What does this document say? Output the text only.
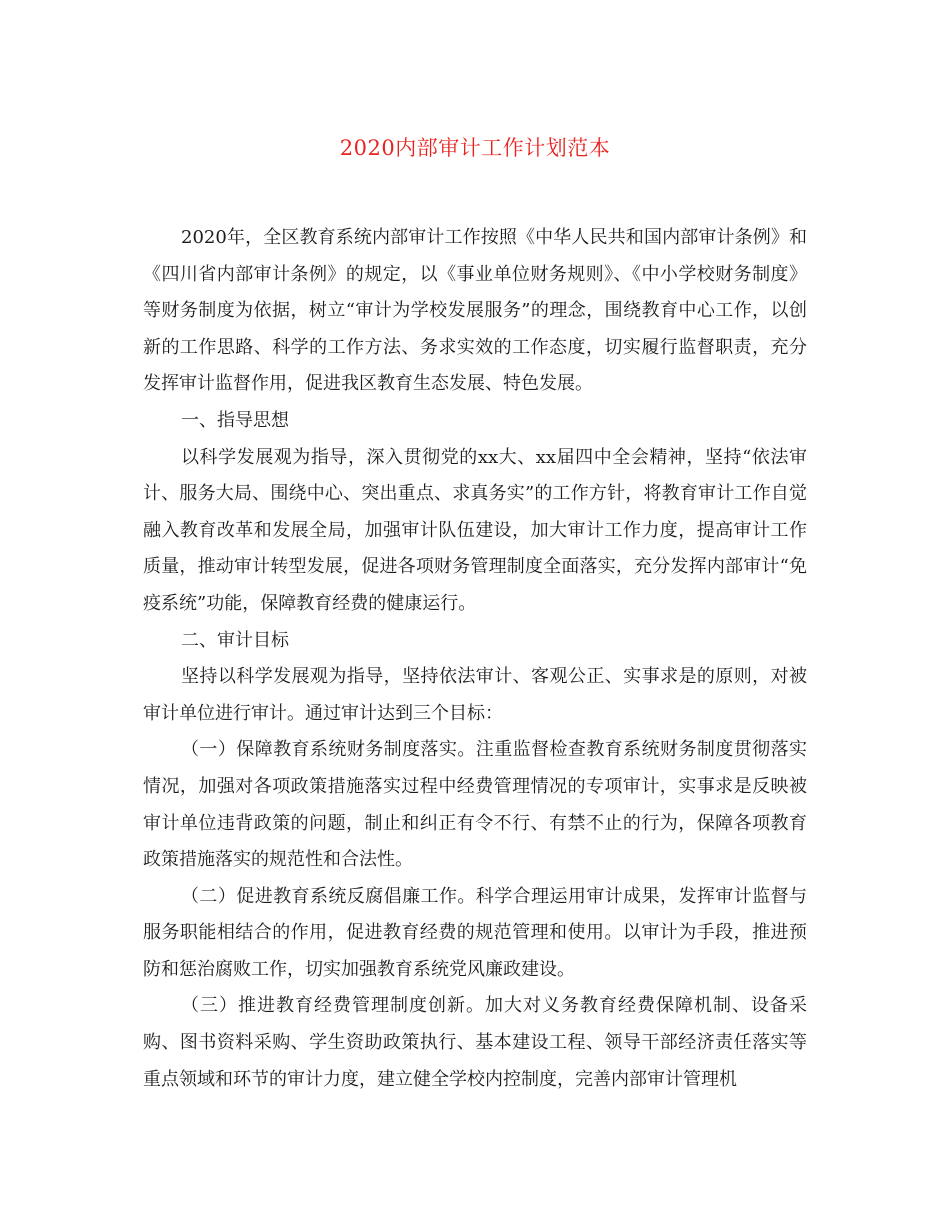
2020内部审计工作计划范本

2020年，全区教育系统内部审计工作按照《中华人民共和国内部审计条例》和《四川省内部审计条例》的规定，以《事业单位财务规则》、《中小学校财务制度》等财务制度为依据，树立“审计为学校发展服务”的理念，围绕教育中心工作，以创新的工作思路、科学的工作方法、务求实效的工作态度，切实履行监督职责，充分发挥审计监督作用，促进我区教育生态发展、特色发展。

一、指导思想

以科学发展观为指导，深入贯彻党的xx大、xx届四中全会精神，坚持“依法审计、服务大局、围绕中心、突出重点、求真务实”的工作方针，将教育审计工作自觉融入教育改革和发展全局，加强审计队伍建设，加大审计工作力度，提高审计工作质量，推动审计转型发展，促进各项财务管理制度全面落实，充分发挥内部审计“免疫系统”功能，保障教育经费的健康运行。

二、审计目标

坚持以科学发展观为指导，坚持依法审计、客观公正、实事求是的原则，对被审计单位进行审计。通过审计达到三个目标：

（一）保障教育系统财务制度落实。注重监督检查教育系统财务制度贯彻落实情况，加强对各项政策措施落实过程中经费管理情况的专项审计，实事求是反映被审计单位违背政策的问题，制止和纠正有令不行、有禁不止的行为，保障各项教育政策措施落实的规范性和合法性。

（二）促进教育系统反腐倡廉工作。科学合理运用审计成果，发挥审计监督与服务职能相结合的作用，促进教育经费的规范管理和使用。以审计为手段，推进预防和惩治腐败工作，切实加强教育系统党风廉政建设。

（三）推进教育经费管理制度创新。加大对义务教育经费保障机制、设备采购、图书资料采购、学生资助政策执行、基本建设工程、领导干部经济责任落实等重点领域和环节的审计力度，建立健全学校内控制度，完善内部审计管理机
